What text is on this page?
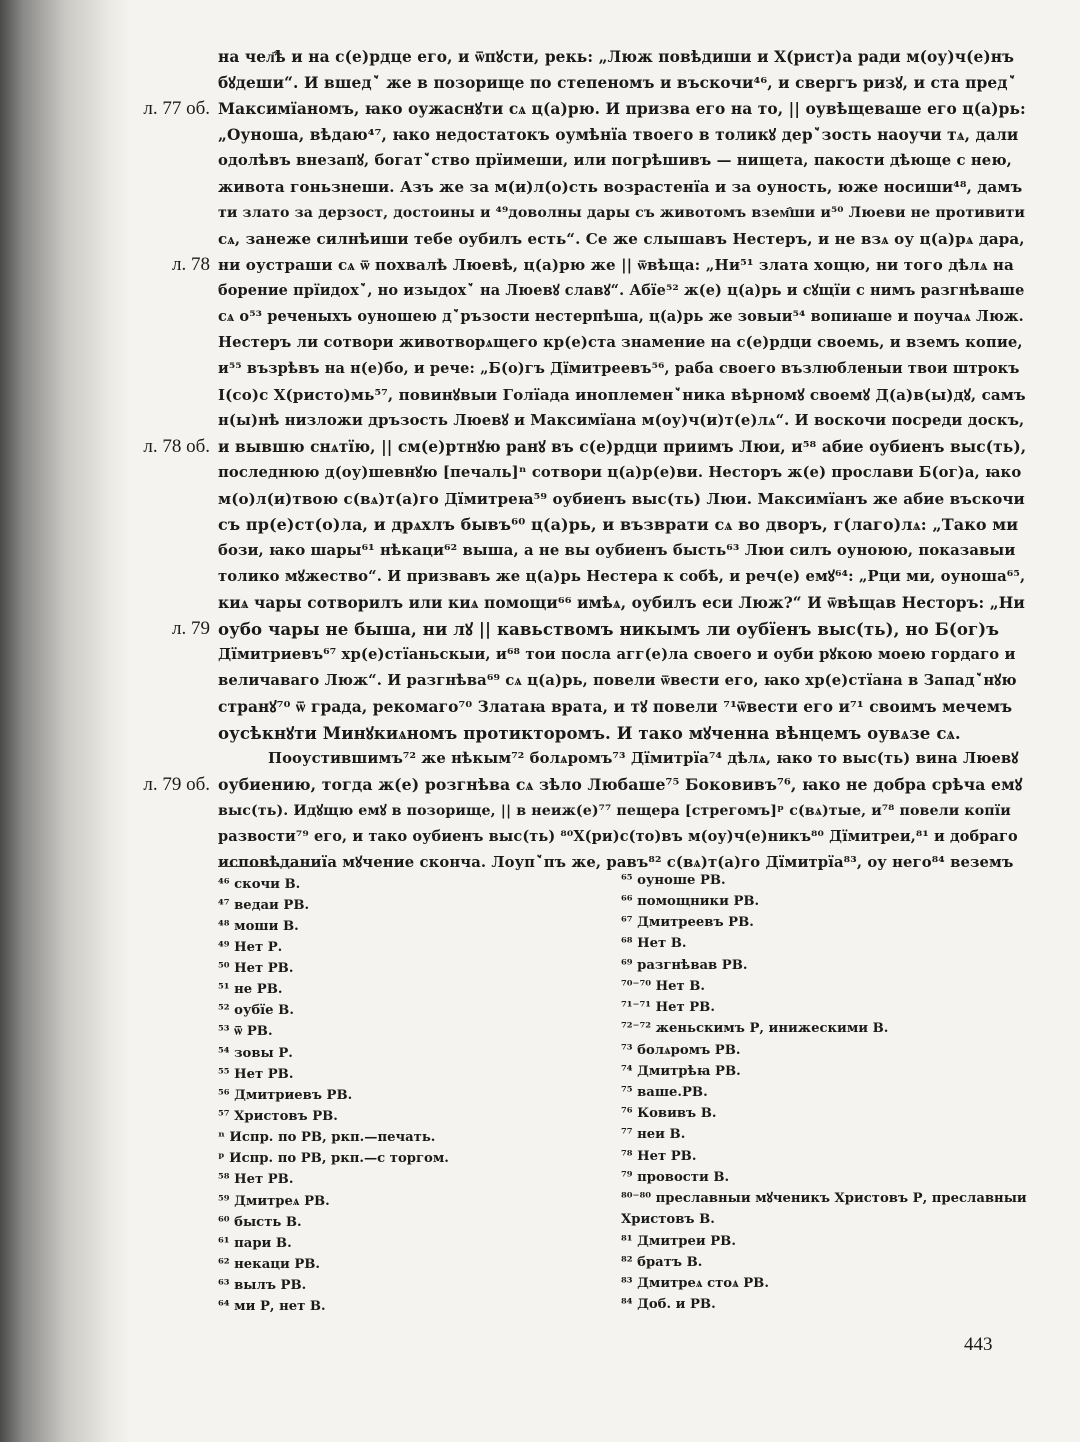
на чел҄ѣ и на с(е)рдце его, и ѿпꙋсти, рекь: „Люж повѣдиши и Х(рист)а ради м(оу)ч(е)нъ
бꙋдеши“. И вшедꙿ же в позорище по степеномъ и въскочи⁴⁶, и свергъ ризꙋ, и ста предꙿ
Максимїаномъ, ꙗко оужаснꙋти сѧ ц(а)рю. И призва его на то, || оувѣщеваше его ц(а)рь:
„Оуноша, вѣдаю⁴⁷, ꙗко недостатокъ оумѣнїа твоего в толикꙋ дерꙿзость наоучи тѧ, дали
одолѣвъ внезапꙋ, богатꙿство прїимеши, или погрѣшивъ — нищета, пакости дѣюще с нею,
живота гоньзнеши. Азъ же за м(и)л(о)сть возрастенїа и за оуность, юже носиши⁴⁸, дамъ
ти злато за дерзост, достоины и ⁴⁹доволны дары съ животомъ взем҄ши и⁵⁰ Люеви не противити
сѧ, занеже силнѣиши тебе оубилъ есть“. Се же слышавъ Нестеръ, и не взѧ оу ц(а)рѧ дара,
ни оустраши сѧ ѿ похвалѣ Люевѣ, ц(а)рю же || ѿвѣща: „Ни⁵¹ злата хощю, ни того дѣлѧ на
борение прїидохꙿ, но изыдохꙿ на Люевꙋ славꙋ“. Абїе⁵² ж(е) ц(а)рь и сꙋщїи с нимъ разгнѣваше
сѧ о⁵³ реченыхъ оуношею дꙿръзости нестерпѣша, ц(а)рь же зовыи⁵⁴ вопиꙗше и поучаѧ Люж.
Нестеръ ли сотвори животворѧщего кр(е)ста знамение на с(е)рдци своемь, и вземъ копие,
и⁵⁵ възрѣвъ на н(е)бо, и рече: „Б(о)гъ Дїмитреевъ⁵⁶, раба своего възлюбленыи твои штрокъ
І(со)с Х(ристо)мь⁵⁷, повинꙋвыи Голїада иноплеменꙿника вѣрномꙋ своемꙋ Д(а)в(ы)дꙋ, самъ
н(ы)нѣ низложи дръзость Люевꙋ и Максимїана м(оу)ч(и)т(е)лѧ“. И воскочи посреди доскъ,
и вывшю снѧтїю, || см(е)ртнꙋю ранꙋ въ с(е)рдци приимъ Люи, и⁵⁸ абие оубиенъ выс(ть),
последнюю д(оу)шевнꙋю [печаль]ⁿ сотвори ц(а)р(е)ви. Несторъ ж(е) прослави Б(ог)а, ꙗко
м(о)л(и)твою с(вѧ)т(а)го Дїмитреꙗ⁵⁹ оубиенъ выс(ть) Люи. Максимїанъ же абие въскочи
съ пр(е)ст(о)ла, и дрѧхлъ бывъ⁶⁰ ц(а)рь, и възврати сѧ во дворъ, г(лаго)лѧ: „Тако ми
бози, ꙗко шары⁶¹ нѣкаци⁶² выша, а не вы оубиенъ бысть⁶³ Люи силъ оуноюю, показавыи
толико мꙋжество“. И призвавъ же ц(а)рь Нестера к собѣ, и реч(е) емꙋ⁶⁴: „Рци ми, оуноша⁶⁵,
киѧ чары сотворилъ или киѧ помощи⁶⁶ имѣѧ, оубилъ еси Люж?“ И ѿвѣщав Несторъ: „Ни
оубо чары не быша, ни лꙋ || кавьствомъ никымъ ли оубїенъ выс(ть), но Б(ог)ъ
Дїмитриевъ⁶⁷ хр(е)стїаньскыи, и⁶⁸ тои посла агг(е)ла своего и оуби рꙋкою моею гордаго и
величаваго Люж“. И разгнѣва⁶⁹ сѧ ц(а)рь, повели ѿвести его, ꙗко хр(е)стїана в Западꙿнꙋю
странꙋ⁷⁰ ѿ града, рекомаго⁷⁰ Златаꙗ врата, и тꙋ повели ⁷¹ѿвести его и⁷¹ своимъ мечемъ
оусѣкнꙋти Минꙋкиѧномъ протикторомъ. И тако мꙋченна вѣнцемъ оувѧзе сѧ.
Пооустившимъ⁷² же нѣкым⁷² болѧромъ⁷³ Дїмитрїа⁷⁴ дѣлѧ, ꙗко то выс(ть) вина Люевꙋ
оубиению, тогда ж(е) розгнѣва сѧ зѣло Любаше⁷⁵ Боковивъ⁷⁶, ꙗко не добра срѣча емꙋ
выс(ть). Идꙋщю емꙋ в позорище, || в неиж(е)⁷⁷ пещера [стрегомъ]ᵖ с(вѧ)тые, и⁷⁸ повели копїи
развости⁷⁹ его, и тако оубиенъ выс(ть) ⁸⁰Х(ри)с(то)въ м(оу)ч(е)никъ⁸⁰ Дїмитреи,⁸¹ и добраго
исповѣданиїа мꙋчение сконча. Лоупꙿпъ же, равъ⁸² с(вѧ)т(а)го Дїмитрїа⁸³, оу него⁸⁴ веземъ
л. 77 об.
л. 78
л. 78 об.
л. 79
л. 79 об.
⁴⁶ скочи В.
⁴⁷ ведаи РВ.
⁴⁸ моши В.
⁴⁹ Нет Р.
⁵⁰ Нет РВ.
⁵¹ не РВ.
⁵² оубїе В.
⁵³ ѿ РВ.
⁵⁴ зовы Р.
⁵⁵ Нет РВ.
⁵⁶ Дмитриевъ РВ.
⁵⁷ Христовъ РВ.
ⁿ Испр. по РВ, ркп.—печать.
ᵖ Испр. по РВ, ркп.—с торгом.
⁵⁸ Нет РВ.
⁵⁹ Дмитреѧ РВ.
⁶⁰ бысть В.
⁶¹ пари В.
⁶² некаци РВ.
⁶³ вылъ РВ.
⁶⁴ ми Р, нет В.
⁶⁵ оуноше РВ.
⁶⁶ помощники РВ.
⁶⁷ Дмитреевъ РВ.
⁶⁸ Нет В.
⁶⁹ разгнѣвав РВ.
⁷⁰⁻⁷⁰ Нет В.
⁷¹⁻⁷¹ Нет РВ.
⁷²⁻⁷² женьскимъ Р, инижескими В.
⁷³ болѧромъ РВ.
⁷⁴ Дмитрѣꙗ РВ.
⁷⁵ ваше.РВ.
⁷⁶ Ковивъ В.
⁷⁷ неи В.
⁷⁸ Нет РВ.
⁷⁹ провости В.
⁸⁰⁻⁸⁰ преславныи мꙋченикъ Христовъ Р, преславныи
Христовъ В.
⁸¹ Дмитреи РВ.
⁸² братъ В.
⁸³ Дмитреѧ стоѧ РВ.
⁸⁴ Доб. и РВ.
443
